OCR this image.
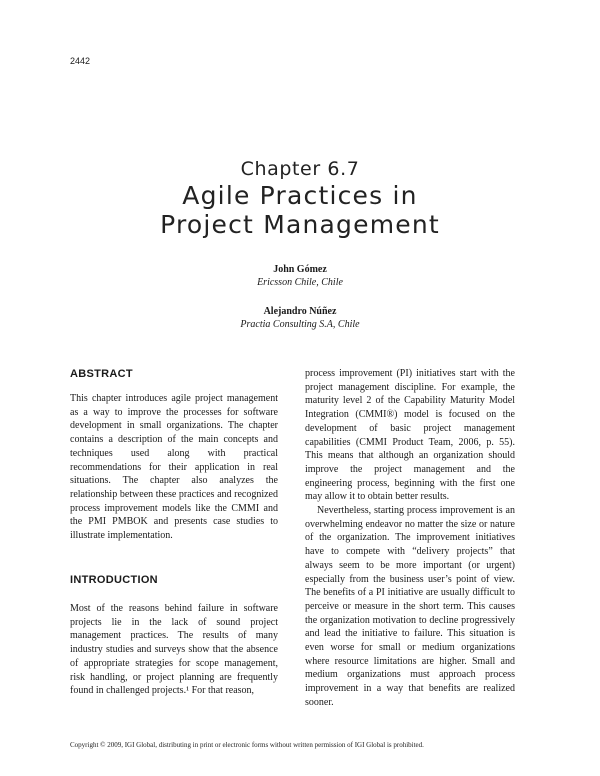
2442
Chapter 6.7
Agile Practices in
Project Management
John Gómez
Ericsson Chile, Chile
Alejandro Núñez
Practia Consulting S.A, Chile
ABSTRACT

This chapter introduces agile project management as a way to improve the processes for software development in small organizations. The chapter contains a description of the main concepts and techniques used along with practical recommendations for their application in real situations. The chapter also analyzes the relationship between these practices and recognized process improvement models like the CMMI and the PMI PMBOK and presents case studies to illustrate implementation.

INTRODUCTION

Most of the reasons behind failure in software projects lie in the lack of sound project management practices. The results of many industry studies and surveys show that the absence of appropriate strategies for scope management, risk handling, or project planning are frequently found in challenged projects.¹ For that reason,

process improvement (PI) initiatives start with the project management discipline. For example, the maturity level 2 of the Capability Maturity Model Integration (CMMI®) model is focused on the development of basic project management capabilities (CMMI Product Team, 2006, p. 55). This means that although an organization should improve the project management and the engineering process, beginning with the first one may allow it to obtain better results.

Nevertheless, starting process improvement is an overwhelming endeavor no matter the size or nature of the organization. The improvement initiatives have to compete with “delivery projects” that always seem to be more important (or urgent) especially from the business user’s point of view. The benefits of a PI initiative are usually difficult to perceive or measure in the short term. This causes the organization motivation to decline progressively and lead the initiative to failure. This situation is even worse for small or medium organizations where resource limitations are higher. Small and medium organizations must approach process improvement in a way that benefits are realized sooner.

Copyright © 2009, IGI Global, distributing in print or electronic forms without written permission of IGI Global is prohibited.
